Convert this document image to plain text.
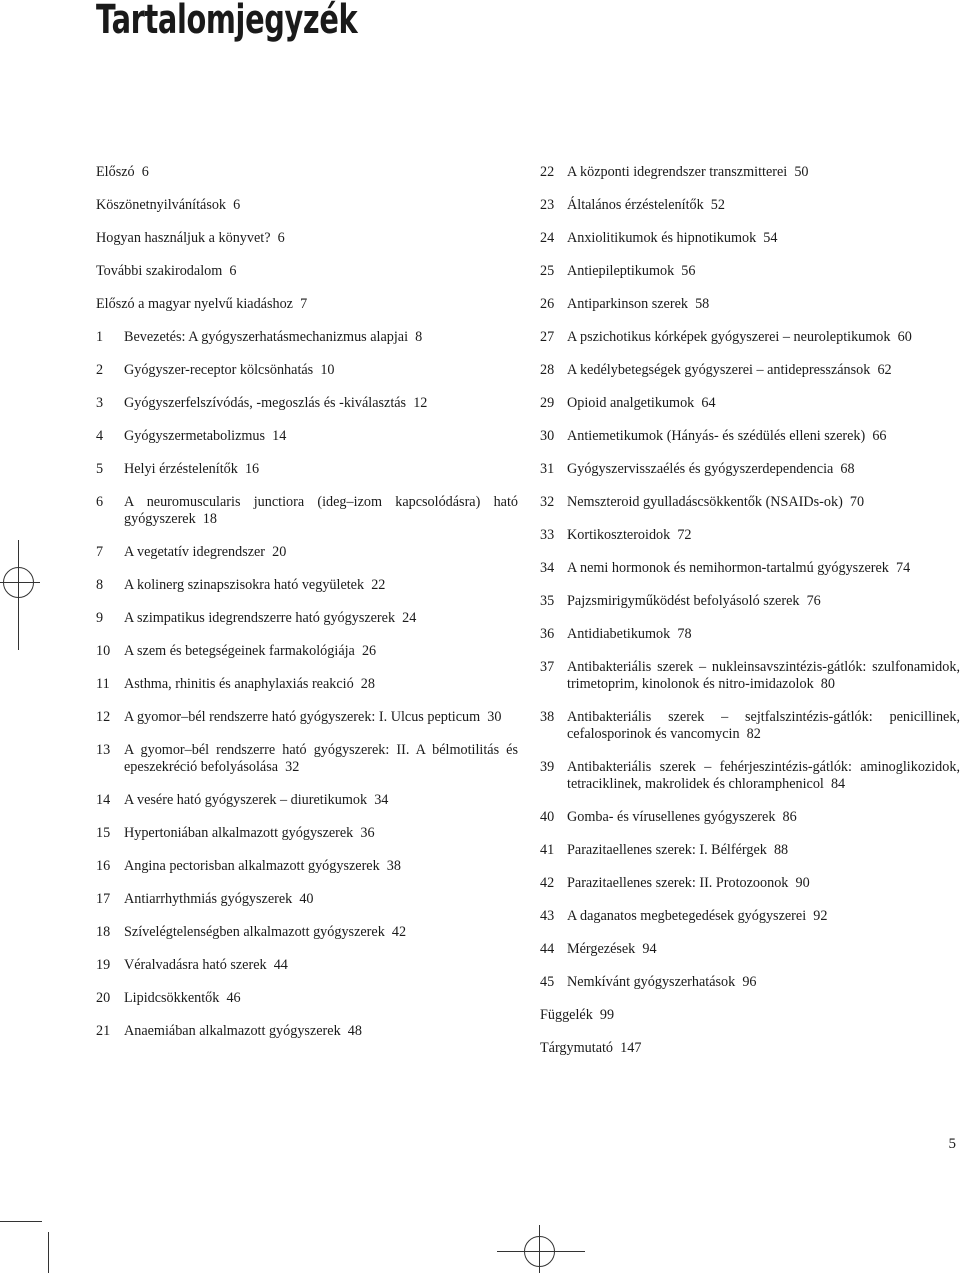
Tartalomjegyzék
Előszó 6
Köszönetnyilvánítások 6
Hogyan használjuk a könyvet? 6
További szakirodalom 6
Előszó a magyar nyelvű kiadáshoz 7
1	Bevezetés: A gyógyszerhatásmechanizmus alapjai 8
2	Gyógyszer-receptor kölcsönhatás 10
3	Gyógyszerfelszívódás, -megoszlás és -kiválasztás 12
4	Gyógyszermetabolizmus 14
5	Helyi érzéstelenítők 16
6	A neuromuscularis junctiora (ideg–izom kapcsolódásra) ható gyógyszerek 18
7	A vegetatív idegrendszer 20
8	A kolinerg szinapszisokra ható vegyületek 22
9	A szimpatikus idegrendszerre ható gyógyszerek 24
10 A szem és betegségeinek farmakológiája 26
11	Asthma, rhinitis és anaphylaxiás reakció 28
12 A gyomor–bél rendszerre ható gyógyszerek: I. Ulcus pepticum 30
13 A gyomor–bél rendszerre ható gyógyszerek: II. A bélmotilitás és epeszekréció befolyásolása 32
14 A vesére ható gyógyszerek – diuretikumok 34
15 Hypertoniában alkalmazott gyógyszerek 36
16 Angina pectorisban alkalmazott gyógyszerek 38
17 Antiarrhythmiás gyógyszerek 40
18 Szívelégtelenségben alkalmazott gyógyszerek 42
19 Véralvadásra ható szerek 44
20 Lipidcsökkentők 46
21 Anaemiában alkalmazott gyógyszerek 48
22 A központi idegrendszer transzmitterei 50
23 Általános érzéstelenítők 52
24 Anxiolitikumok és hipnotikumok 54
25 Antiepileptikumok 56
26 Antiparkinson szerek 58
27 A pszichotikus kórképek gyógyszerei – neuroleptikumok 60
28 A kedélybetegségek gyógyszerei – antidepresszánsok 62
29 Opioid analgetikumok 64
30 Antiemetikumok (Hányás- és szédülés elleni szerek) 66
31 Gyógyszervisszaélés és gyógyszerdependencia 68
32 Nemszteroid gyulladáscsökkentők (NSAIDs-ok) 70
33 Kortikoszteroidok 72
34 A nemi hormonok és nemihormon-tartalmú gyógyszerek 74
35 Pajzsmirigyműködést befolyásoló szerek 76
36 Antidiabetikumok 78
37 Antibakteriális szerek – nukleinsavszintézis-gátlók: szulfonamidok, trimetoprim, kinolonok és nitro-imidazolok 80
38 Antibakteriális szerek – sejtfalszintézis-gátlók: penicillinek, cefalosporinok és vancomycin 82
39 Antibakteriális szerek – fehérjeszintézis-gátlók: aminoglikozidok, tetraciklinek, makrolidek és chloramphenicol 84
40 Gomba- és vírusellenes gyógyszerek 86
41 Parazitaellenes szerek: I. Bélférgek 88
42 Parazitaellenes szerek: II. Protozoonok 90
43 A daganatos megbetegedések gyógyszerei 92
44 Mérgezések 94
45 Nemkívánt gyógyszerhatások 96
Függelék 99
Tárgymutató 147
5
